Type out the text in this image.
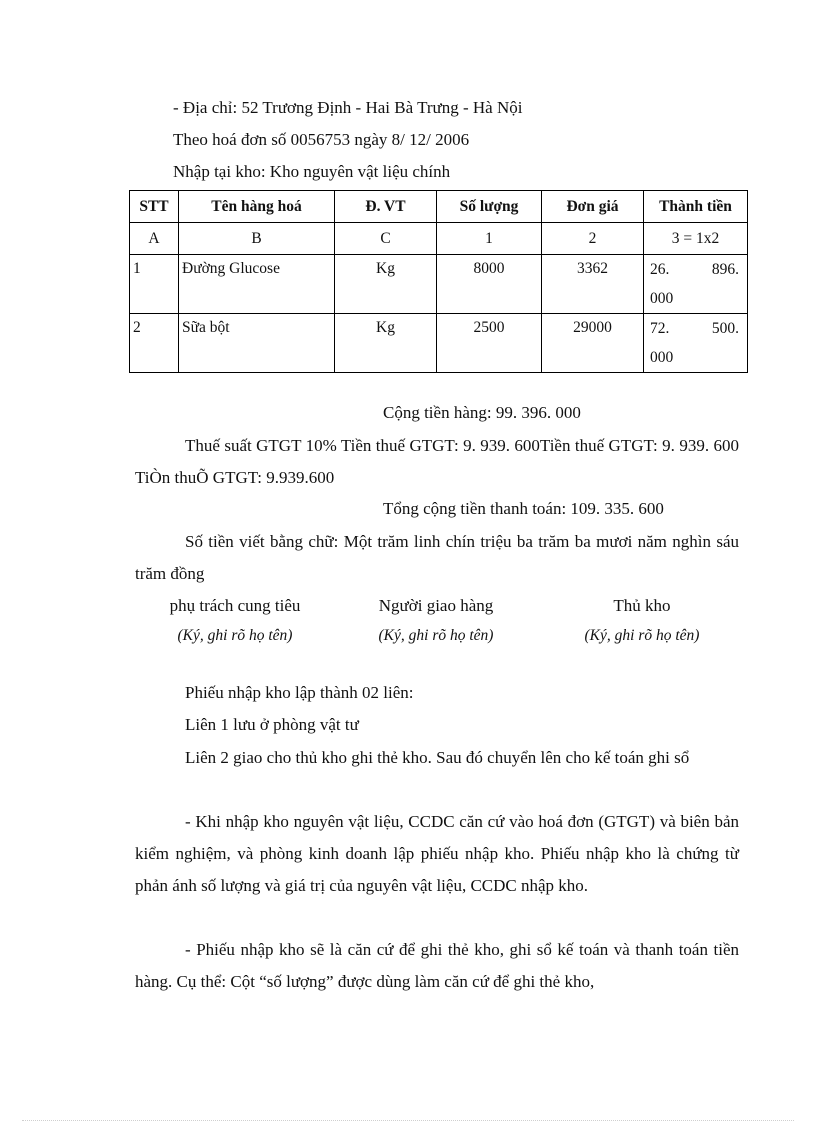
- Địa chỉ: 52 Trương Định - Hai Bà Trưng - Hà Nội
Theo hoá đơn số 0056753 ngày 8/ 12/ 2006
Nhập tại kho: Kho nguyên vật liệu chính
STT	Tên hàng hoá	Đ. VT	Số lượng	Đơn giá	Thành tiền
A	B	C	1	2	3 = 1x2
1	Đường Glucose	Kg	8000	3362	26. 896.
000

2	Sữa bột	Kg	2500	29000	72. 500.
000
Cộng tiền hàng: 99. 396. 000
Thuế suất GTGT 10% Tiền thuế GTGT: 9. 939. 600Tiền thuế GTGT: 9. 939. 600 TiÒn thuÕ GTGT: 9.939.600
Tổng cộng tiền thanh toán: 109. 335. 600
Số tiền viết bằng chữ: Một trăm linh chín triệu ba trăm ba mươi năm nghìn sáu trăm đồng
phụ trách cung tiêu
(Ký, ghi rõ họ tên)
Người giao hàng
(Ký, ghi rõ họ tên)
Thủ kho
(Ký, ghi rõ họ tên)
Phiếu nhập kho lập thành 02 liên:
Liên 1 lưu ở phòng vật tư
Liên 2 giao cho thủ kho ghi thẻ kho. Sau đó chuyển lên cho kế toán ghi sổ
- Khi nhập kho nguyên vật liệu, CCDC căn cứ vào hoá đơn (GTGT) và biên bản kiểm nghiệm, và phòng kinh doanh lập phiếu nhập kho. Phiếu nhập kho là chứng từ phản ánh số lượng và giá trị của nguyên vật liệu, CCDC nhập kho.
- Phiếu nhập kho sẽ là căn cứ để ghi thẻ kho, ghi sổ kế toán và thanh toán tiền hàng. Cụ thể: Cột “số lượng” được dùng làm căn cứ để ghi thẻ kho,
